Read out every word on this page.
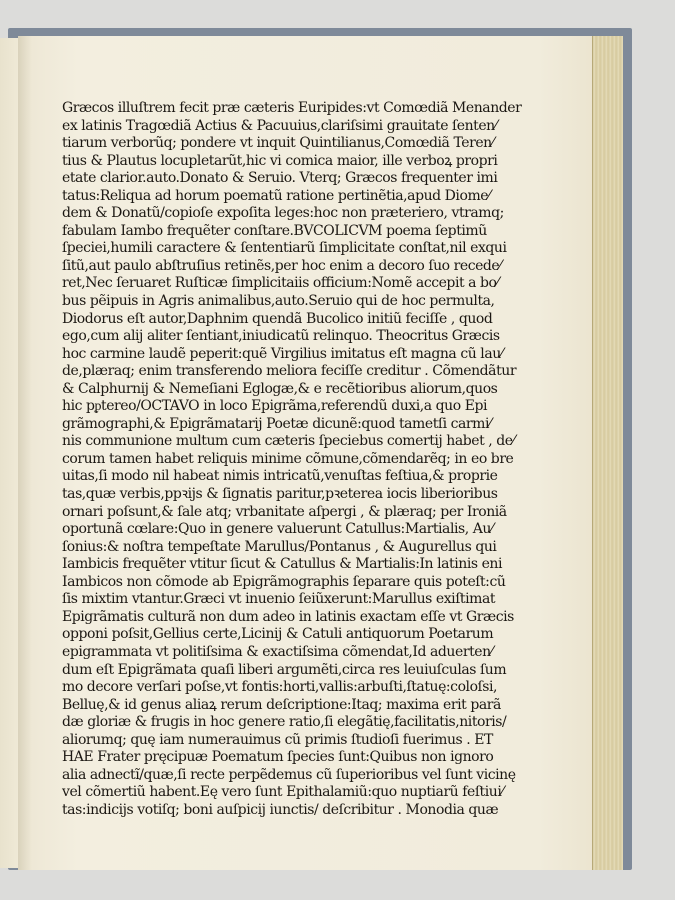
Græcos illuſtrem fecit præ cæteris Euripides:vt Comœdiã Menander
ex latinis Tragœdiã Actius & Pacuuius,clariſsimi grauitate ſenten⁄
tiarum verborũq; pondere vt inquit Quintilianus,Comœdiã Teren⁄
tius & Plautus locupletarũt,hic vi comica maior, ille verboꝝ propri
etate clarior.auto.Donato & Seruio. Vterq; Græcos frequenter imi
tatus:Reliqua ad horum poematũ ratione pertinẽtia,apud Diome⁄
dem & Donatũ/copioſe expoſita leges:hoc non præteriero, vtramq;
fabulam Iambo frequẽter conſtare.BVCOLICVM poema ſeptimũ
ſpeciei,humili caractere & ſententiarũ ſimplicitate conſtat,nil exqui
ſitũ,aut paulo abſtruſius retinẽs,per hoc enim a decoro ſuo recede⁄
ret,Nec ſeruaret Ruſticæ ſimplicitaiis officium:Nomẽ accepit a bo⁄
bus pẽipuis in Agris animalibus,auto.Seruio qui de hoc permulta,
Diodorus eſt autor,Daphnim quendã Bucolico initiũ feciſſe , quod
ego,cum alij aliter ſentiant,iniudicatũ relinquo. Theocritus Græcis
hoc carmine laudẽ peperit:quẽ Virgilius imitatus eſt magna cũ lau⁄
de,plæraq; enim transferendo meliora feciſſe creditur . Cõmendãtur
& Calphurnij & Nemeſiani Eglogæ,& e recẽtioribus aliorum,quos
hic pᵱtereo/OCTAVO in loco Epigrãma,referendũ duxi,a quo Epi
grãmographi,& Epigrãmatarij Poetæ dicunẽ:quod tametſi carmi⁄
nis communione multum cum cæteris ſpeciebus comertij habet , de⁄
corum tamen habet reliquis minime cõmune,cõmendarẽq; in eo bre
uitas,ſi modo nil habeat nimis intricatũ,venuſtas feſtiua,& proprie
tas,quæ verbis,ppꝛijs & ſignatis paritur,pꝛeterea iocis liberioribus
ornari poſsunt,& ſale atq; vrbanitate aſpergi , & plæraq; per Ironiã
oportunã cœlare:Quo in genere valuerunt Catullus:Martialis, Au⁄
ſonius:& noſtra tempeſtate Marullus/Pontanus , & Augurellus qui
Iambicis frequẽter vtitur ſicut & Catullus & Martialis:In latinis eni
Iambicos non cõmode ab Epigrãmographis ſeparare quis poteſt:cũ
ſis mixtim vtantur.Græci vt inuenio ſeiũxerunt:Marullus exiſtimat
Epigrãmatis culturã non dum adeo in latinis exactam eſſe vt Græcis
opponi poſsit,Gellius certe,Licinij & Catuli antiquorum Poetarum
epigrammata vt politiſsima & exactiſsima cõmendat,Id aduerten⁄
dum eſt Epigrãmata quaſi liberi argumẽti,circa res leuiuſculas ſum
mo decore verſari poſse,vt fontis:horti,vallis:arbuſti,ſtatuę:coloſsi,
Belluę,& id genus aliaꝝ rerum deſcriptione:Itaq; maxima erit parã
dæ gloriæ & frugis in hoc genere ratio,ſi elegãtię,facilitatis,nitoris/
aliorumq; quę iam numerauimus cũ primis ſtudioſi fuerimus . ET
HAE Frater pręcipuæ Poematum ſpecies ſunt:Quibus non ignoro
alia adnectĩ/quæ,ſi recte perpẽdemus cũ ſuperioribus vel ſunt vicinę
vel cõmertiũ habent.Eę vero ſunt Epithalamiũ:quo nuptiarũ feſtiui⁄
tas:indicijs votiſq; boni auſpicij iunctis/ deſcribitur . Monodia quæ
